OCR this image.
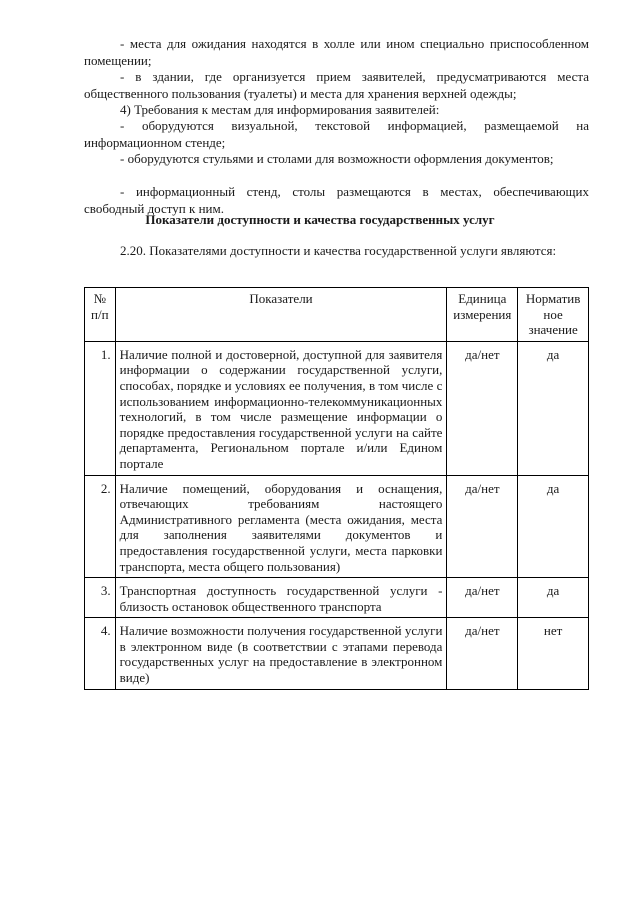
- места для ожидания находятся в холле или ином специально приспособленном помещении;

- в здании, где организуется прием заявителей, предусматриваются места общественного пользования (туалеты) и места для хранения верхней одежды;

4) Требования к местам для информирования заявителей:

- оборудуются визуальной, текстовой информацией, размещаемой на информационном стенде;

- оборудуются стульями и столами для возможности оформления документов;

- информационный стенд, столы размещаются в местах, обеспечивающих свободный доступ к ним.

Показатели доступности и качества государственных услуг

2.20. Показателями доступности и качества государственной услуги являются:

№ п/п	Показатели	Единица измерения	Норматив ное значение
1.	Наличие полной и достоверной, доступной для заявителя информации о содержании государственной услуги, способах, порядке и условиях ее получения, в том числе с использованием информационно-телекоммуникационных технологий, в том числе размещение информации о порядке предоставления государственной услуги на сайте департамента, Региональном портале и/или Едином портале	да/нет	да
2.	Наличие помещений, оборудования и оснащения, отвечающих требованиям настоящего Административного регламента (места ожидания, места для заполнения заявителями документов и предоставления государственной услуги, места парковки транспорта, места общего пользования)	да/нет	да
3.	Транспортная доступность государственной услуги - близость остановок общественного транспорта	да/нет	да
4.	Наличие возможности получения государственной услуги в электронном виде (в соответствии с этапами перевода государственных услуг на предоставление в электронном виде)	да/нет	нет
